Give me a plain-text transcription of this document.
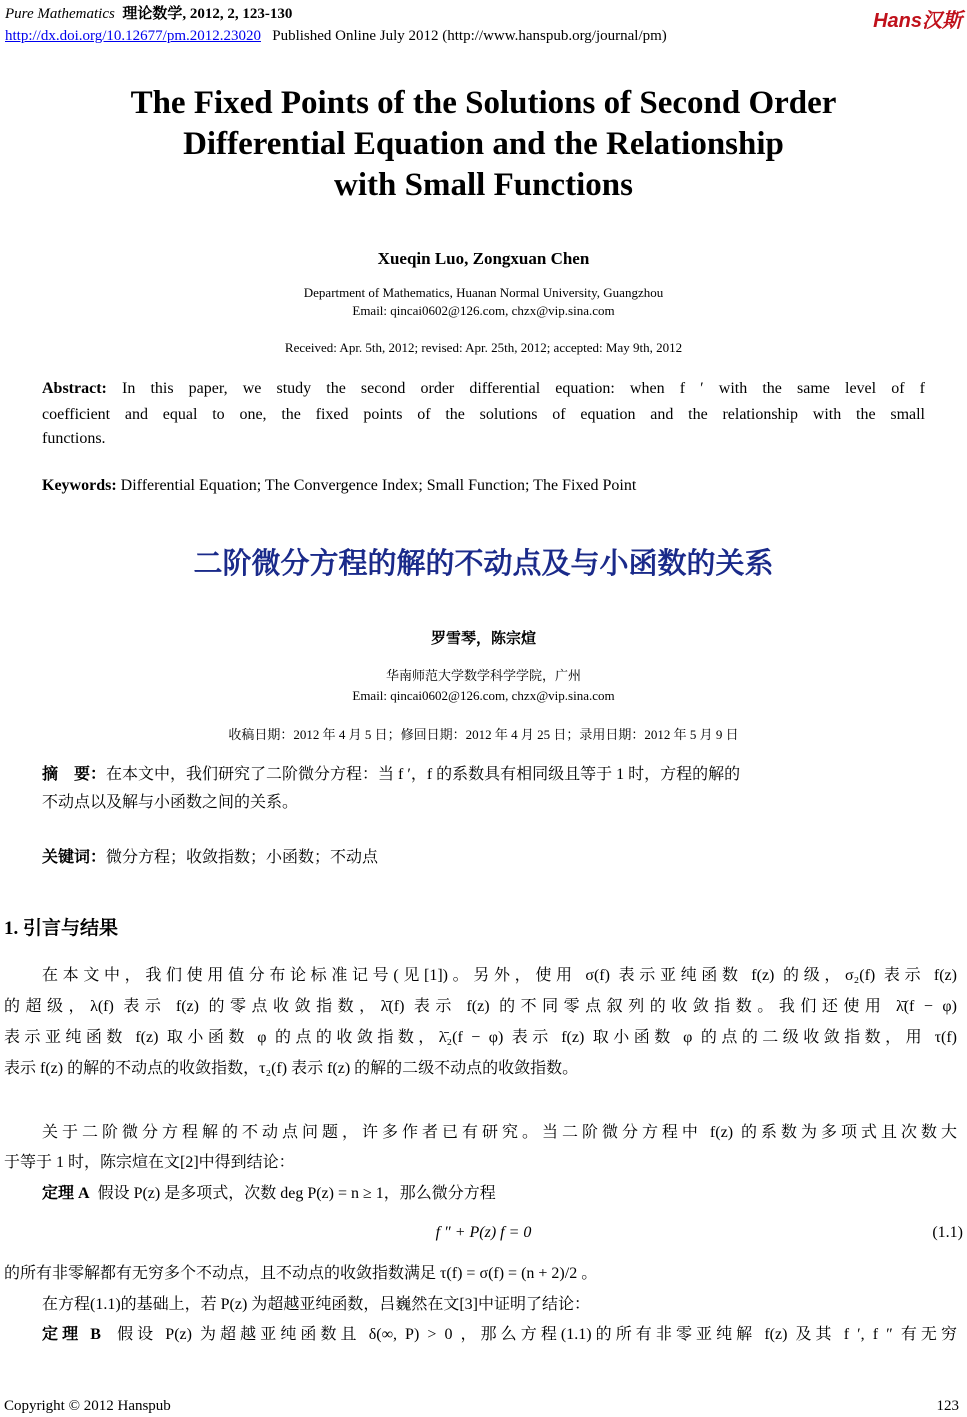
Pure Mathematics 理论数学, 2012, 2, 123-130	Hans汉斯
http://dx.doi.org/10.12677/pm.2012.23020 Published Online July 2012 (http://www.hanspub.org/journal/pm)
The Fixed Points of the Solutions of Second Order
Differential Equation and the Relationship
with Small Functions
Xueqin Luo, Zongxuan Chen
Department of Mathematics, Huanan Normal University, Guangzhou
Email: qincai0602@126.com, chzx@vip.sina.com
Received: Apr. 5th, 2012; revised: Apr. 25th, 2012; accepted: May 9th, 2012
Abstract: In this paper, we study the second order differential equation: when f ′ with the same level of f
coefficient and equal to one, the fixed points of the solutions of equation and the relationship with the small
functions.
Keywords: Differential Equation; The Convergence Index; Small Function; The Fixed Point
二阶微分方程的解的不动点及与小函数的关系
罗雪琴，陈宗煊
华南师范大学数学科学学院，广州
Email: qincai0602@126.com, chzx@vip.sina.com
收稿日期：2012 年 4 月 5 日；修回日期：2012 年 4 月 25 日；录用日期：2012 年 5 月 9 日
摘　要：在本文中，我们研究了二阶微分方程：当 f ′，f 的系数具有相同级且等于 1 时，方程的解的
不动点以及解与小函数之间的关系。
关键词：微分方程；收敛指数；小函数；不动点
1. 引言与结果
在本文中，我们使用值分布论标准记号(见[1])。另外，使用 σ(f) 表示亚纯函数 f(z) 的级，σ₂(f) 表示 f(z)
的超级，λ(f) 表示 f(z) 的零点收敛指数，λ̄(f) 表示 f(z) 的不同零点叙列的收敛指数。我们还使用 λ̄(f − φ)
表示亚纯函数 f(z) 取小函数 φ 的点的收敛指数，λ̄₂(f − φ) 表示 f(z) 取小函数 φ 的点的二级收敛指数，用 τ(f)
表示 f(z) 的解的不动点的收敛指数，τ₂(f) 表示 f(z) 的解的二级不动点的收敛指数。
关于二阶微分方程解的不动点问题，许多作者已有研究。当二阶微分方程中 f(z) 的系数为多项式且次数大
于等于 1 时，陈宗煊在文[2]中得到结论：
定理 A 假设 P(z) 是多项式，次数 deg P(z) = n ≥ 1，那么微分方程
f ″ + P(z) f = 0	(1.1)
的所有非零解都有无穷多个不动点，且不动点的收敛指数满足 τ(f) = σ(f) = (n + 2)/2 。
在方程(1.1)的基础上，若 P(z) 为超越亚纯函数，吕巍然在文[3]中证明了结论：
定理 B 假设 P(z) 为超越亚纯函数且 δ(∞, P) > 0 ，那么方程(1.1)的所有非零亚纯解 f(z) 及其 f ′, f ″ 有无穷
Copyright © 2012 Hanspub	123
